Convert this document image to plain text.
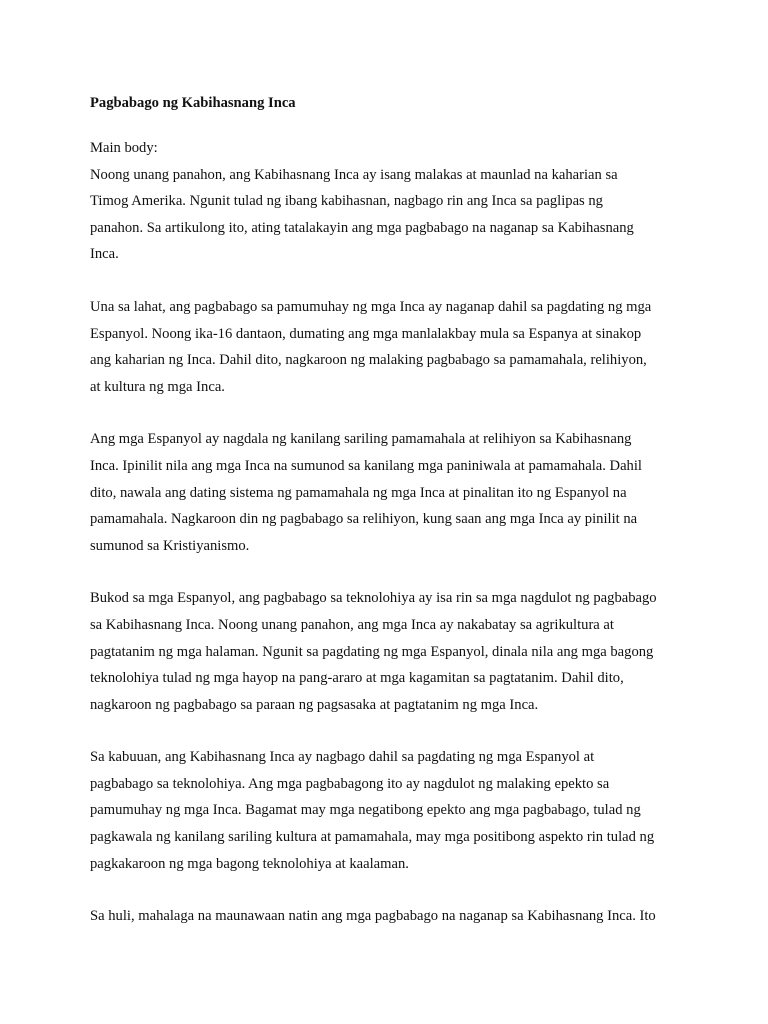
Pagbabago ng Kabihasnang Inca
Main body:
Noong unang panahon, ang Kabihasnang Inca ay isang malakas at maunlad na kaharian sa
Timog Amerika. Ngunit tulad ng ibang kabihasnan, nagbago rin ang Inca sa paglipas ng
panahon. Sa artikulong ito, ating tatalakayin ang mga pagbabago na naganap sa Kabihasnang
Inca.
Una sa lahat, ang pagbabago sa pamumuhay ng mga Inca ay naganap dahil sa pagdating ng mga
Espanyol. Noong ika-16 dantaon, dumating ang mga manlalakbay mula sa Espanya at sinakop
ang kaharian ng Inca. Dahil dito, nagkaroon ng malaking pagbabago sa pamamahala, relihiyon,
at kultura ng mga Inca.
Ang mga Espanyol ay nagdala ng kanilang sariling pamamahala at relihiyon sa Kabihasnang
Inca. Ipinilit nila ang mga Inca na sumunod sa kanilang mga paniniwala at pamamahala. Dahil
dito, nawala ang dating sistema ng pamamahala ng mga Inca at pinalitan ito ng Espanyol na
pamamahala. Nagkaroon din ng pagbabago sa relihiyon, kung saan ang mga Inca ay pinilit na
sumunod sa Kristiyanismo.
Bukod sa mga Espanyol, ang pagbabago sa teknolohiya ay isa rin sa mga nagdulot ng pagbabago
sa Kabihasnang Inca. Noong unang panahon, ang mga Inca ay nakabatay sa agrikultura at
pagtatanim ng mga halaman. Ngunit sa pagdating ng mga Espanyol, dinala nila ang mga bagong
teknolohiya tulad ng mga hayop na pang-araro at mga kagamitan sa pagtatanim. Dahil dito,
nagkaroon ng pagbabago sa paraan ng pagsasaka at pagtatanim ng mga Inca.
Sa kabuuan, ang Kabihasnang Inca ay nagbago dahil sa pagdating ng mga Espanyol at
pagbabago sa teknolohiya. Ang mga pagbabagong ito ay nagdulot ng malaking epekto sa
pamumuhay ng mga Inca. Bagamat may mga negatibong epekto ang mga pagbabago, tulad ng
pagkawala ng kanilang sariling kultura at pamamahala, may mga positibong aspekto rin tulad ng
pagkakaroon ng mga bagong teknolohiya at kaalaman.
Sa huli, mahalaga na maunawaan natin ang mga pagbabago na naganap sa Kabihasnang Inca. Ito
